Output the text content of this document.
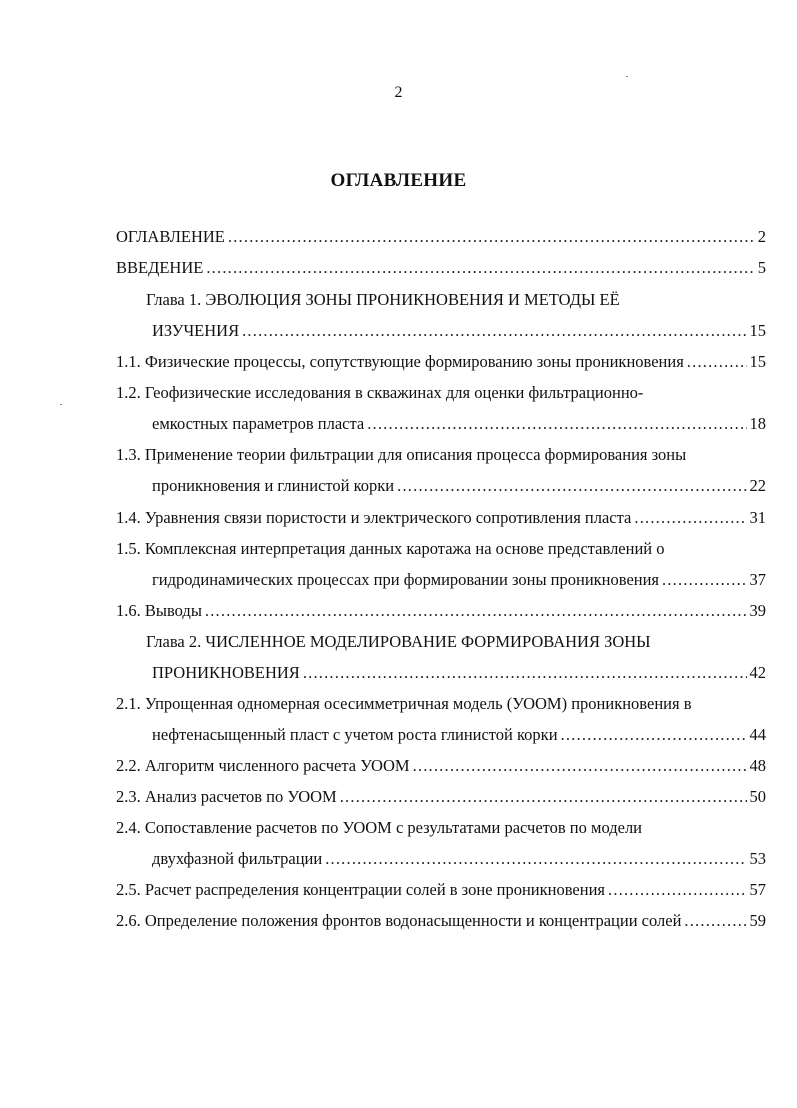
2
ОГЛАВЛЕНИЕ
ОГЛАВЛЕНИЕ .....	2
ВВЕДЕНИЕ .....	5
Глава 1. ЭВОЛЮЦИЯ ЗОНЫ ПРОНИКНОВЕНИЯ И МЕТОДЫ ЕЁ
ИЗУЧЕНИЯ .....	15
1.1. Физические процессы, сопутствующие формированию зоны проникновения .....	15
1.2. Геофизические исследования в скважинах для оценки фильтрационно-
емкостных параметров пласта .....	18
1.3. Применение теории фильтрации для описания процесса формирования зоны
проникновения и глинистой корки .....	22
1.4. Уравнения связи пористости и электрического сопротивления пласта .....	31
1.5. Комплексная интерпретация данных каротажа на основе представлений о
гидродинамических процессах при формировании зоны проникновения .....	37
1.6. Выводы .....	39
Глава 2. ЧИСЛЕННОЕ МОДЕЛИРОВАНИЕ ФОРМИРОВАНИЯ ЗОНЫ
ПРОНИКНОВЕНИЯ .....	42
2.1. Упрощенная одномерная осесимметричная модель (УООМ) проникновения в
нефтенасыщенный пласт с учетом роста глинистой корки .....	44
2.2. Алгоритм численного расчета УООМ .....	48
2.3. Анализ расчетов по УООМ .....	50
2.4. Сопоставление расчетов по УООМ с результатами расчетов по модели
двухфазной фильтрации .....	53
2.5. Расчет распределения концентрации солей в зоне проникновения .....	57
2.6. Определение положения фронтов водонасыщенности и концентрации солей .....	59
